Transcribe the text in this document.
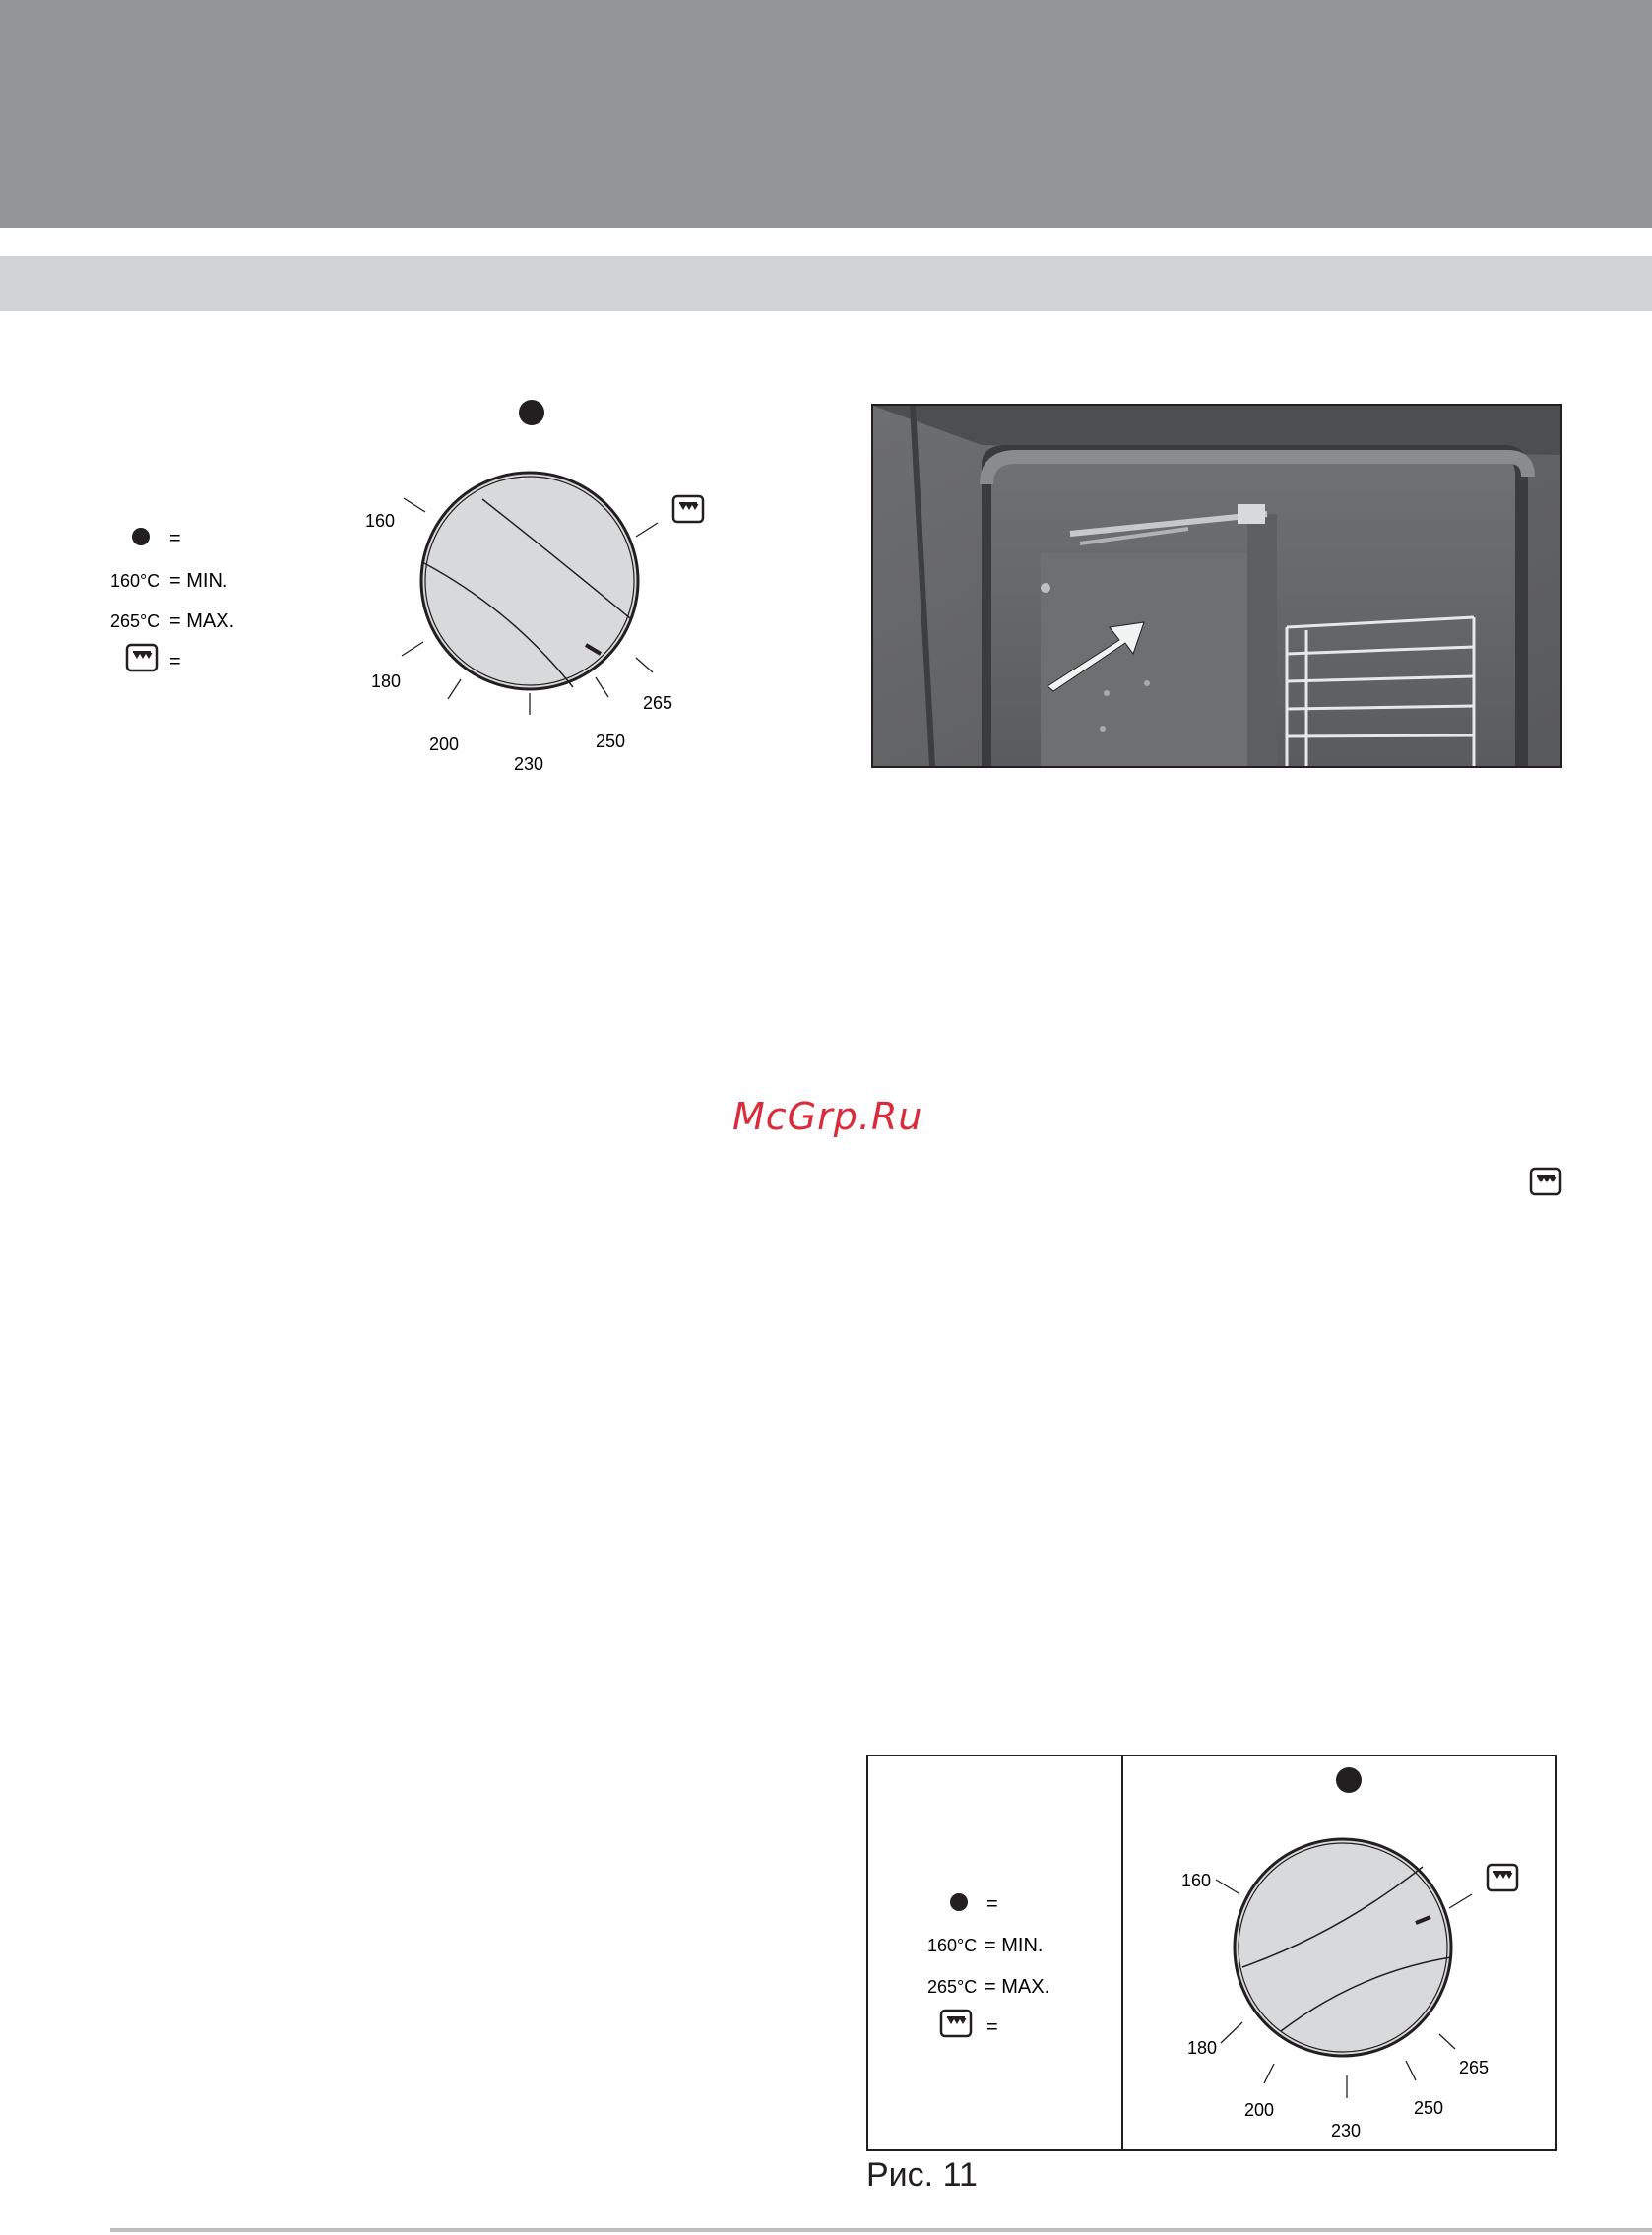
=
160°C = MIN.
265°C = MAX.
=
160
180
200
230
250
265
McGrp.Ru
=
160°C = MIN.
265°C = MAX.
=
160
180
200
230
250
265
Рис. 11
